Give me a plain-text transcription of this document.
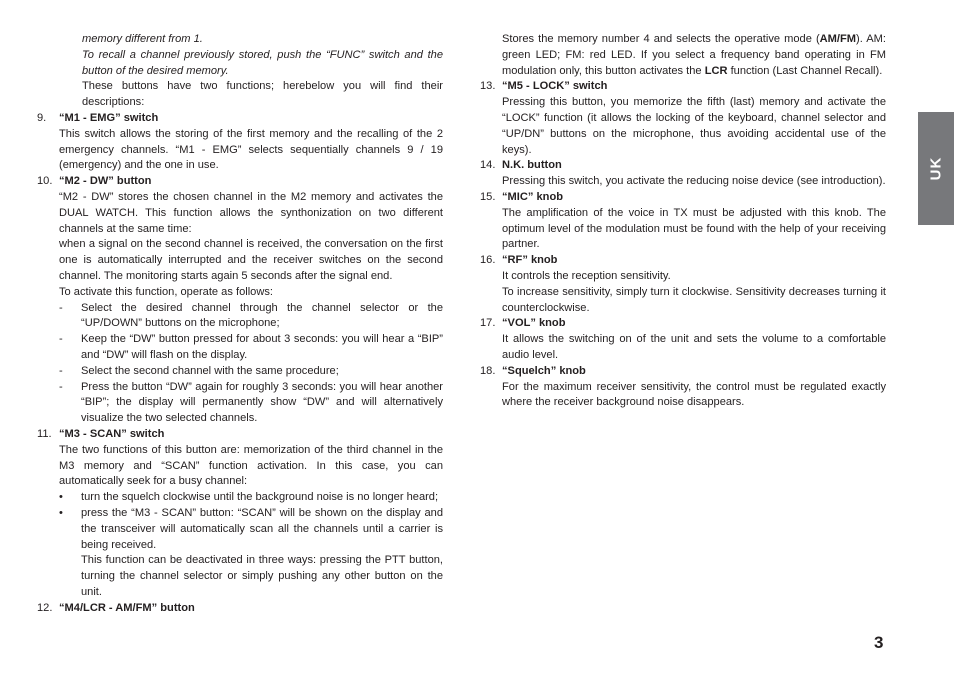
memory different from 1.

To recall a channel previously stored, push the “FUNC” switch and the button of the desired memory.

These buttons have two functions; herebelow you will find their descriptions:

9. “M1 - EMG” switch

This switch allows the storing of the first memory and the recalling of the 2 emergency channels. “M1 - EMG” selects sequentially channels 9 / 19 (emergency) and the one in use.

10. “M2 - DW” button

“M2 - DW” stores the chosen channel in the M2 memory and activates the DUAL WATCH. This function allows the synthonization on two different channels at the same time:

when a signal on the second channel is received, the conversation on the first one is automatically interrupted and the receiver switches on the second channel. The monitoring starts again 5 seconds after the signal end.

To activate this function, operate as follows:

- Select the desired channel through the channel selector or the “UP/DOWN” buttons on the microphone;
- Keep the “DW” button pressed for about 3 seconds: you will hear a “BIP” and “DW” will flash on the display.
- Select the second channel with the same procedure;
- Press the button “DW” again for roughly 3 seconds: you will hear another “BIP”; the display will permanently show “DW” and will alternatively visualize the two selected channels.
11. “M3 - SCAN” switch

The two functions of this button are: memorization of the third channel in the M3 memory and “SCAN” function activation. In this case, you can automatically seek for a busy channel:

• turn the squelch clockwise until the background noise is no longer heard;
• press the “M3 - SCAN” button: “SCAN” will be shown on the display and the transceiver will automatically scan all the channels until a carrier is being received.

This function can be deactivated in three ways: pressing the PTT button, turning the channel selector or simply pushing any other button on the unit.

12. “M4/LCR - AM/FM” button

Stores the memory number 4 and selects the operative mode (AM/FM). AM: green LED; FM: red LED. If you select a frequency band operating in FM modulation only, this button activates the LCR function (Last Channel Recall).

13. “M5 - LOCK” switch

Pressing this button, you memorize the fifth (last) memory and activate the “LOCK” function (it allows the locking of the keyboard, channel selector and “UP/DN” buttons on the microphone, thus avoiding accidental use of the keys).

14. N.K. button

Pressing this switch, you activate the reducing noise device (see introduction).

15. “MIC” knob

The amplification of the voice in TX must be adjusted with this knob. The optimum level of the modulation must be found with the help of your receiving partner.

16. “RF” knob

It controls the reception sensitivity.

To increase sensitivity, simply turn it clockwise. Sensitivity decreases turning it counterclockwise.

17. “VOL” knob

It allows the switching on of the unit and sets the volume to a comfortable audio level.

18. “Squelch” knob

For the maximum receiver sensitivity, the control must be regulated exactly where the receiver background noise disappears.

UK
3
